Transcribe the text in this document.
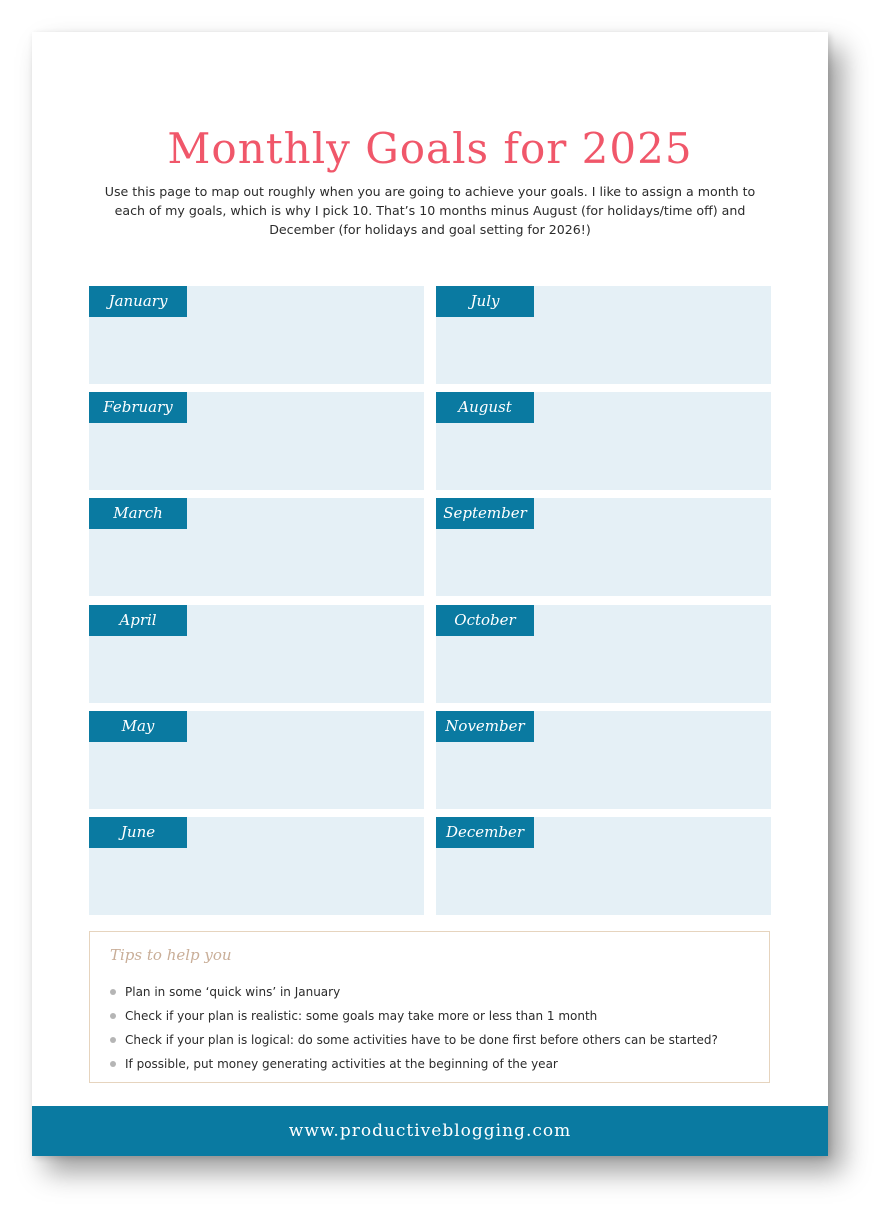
Monthly Goals for 2025

Use this page to map out roughly when you are going to achieve your goals. I like to assign a month to each of my goals, which is why I pick 10. That’s 10 months minus August (for holidays/time off) and December (for holidays and goal setting for 2026!)

January
February
March
April
May
June
July
August
September
October
November
December
Tips to help you
Plan in some ‘quick wins’ in January
Check if your plan is realistic: some goals may take more or less than 1 month
Check if your plan is logical: do some activities have to be done first before others can be started?
If possible, put money generating activities at the beginning of the year
www.productiveblogging.com
